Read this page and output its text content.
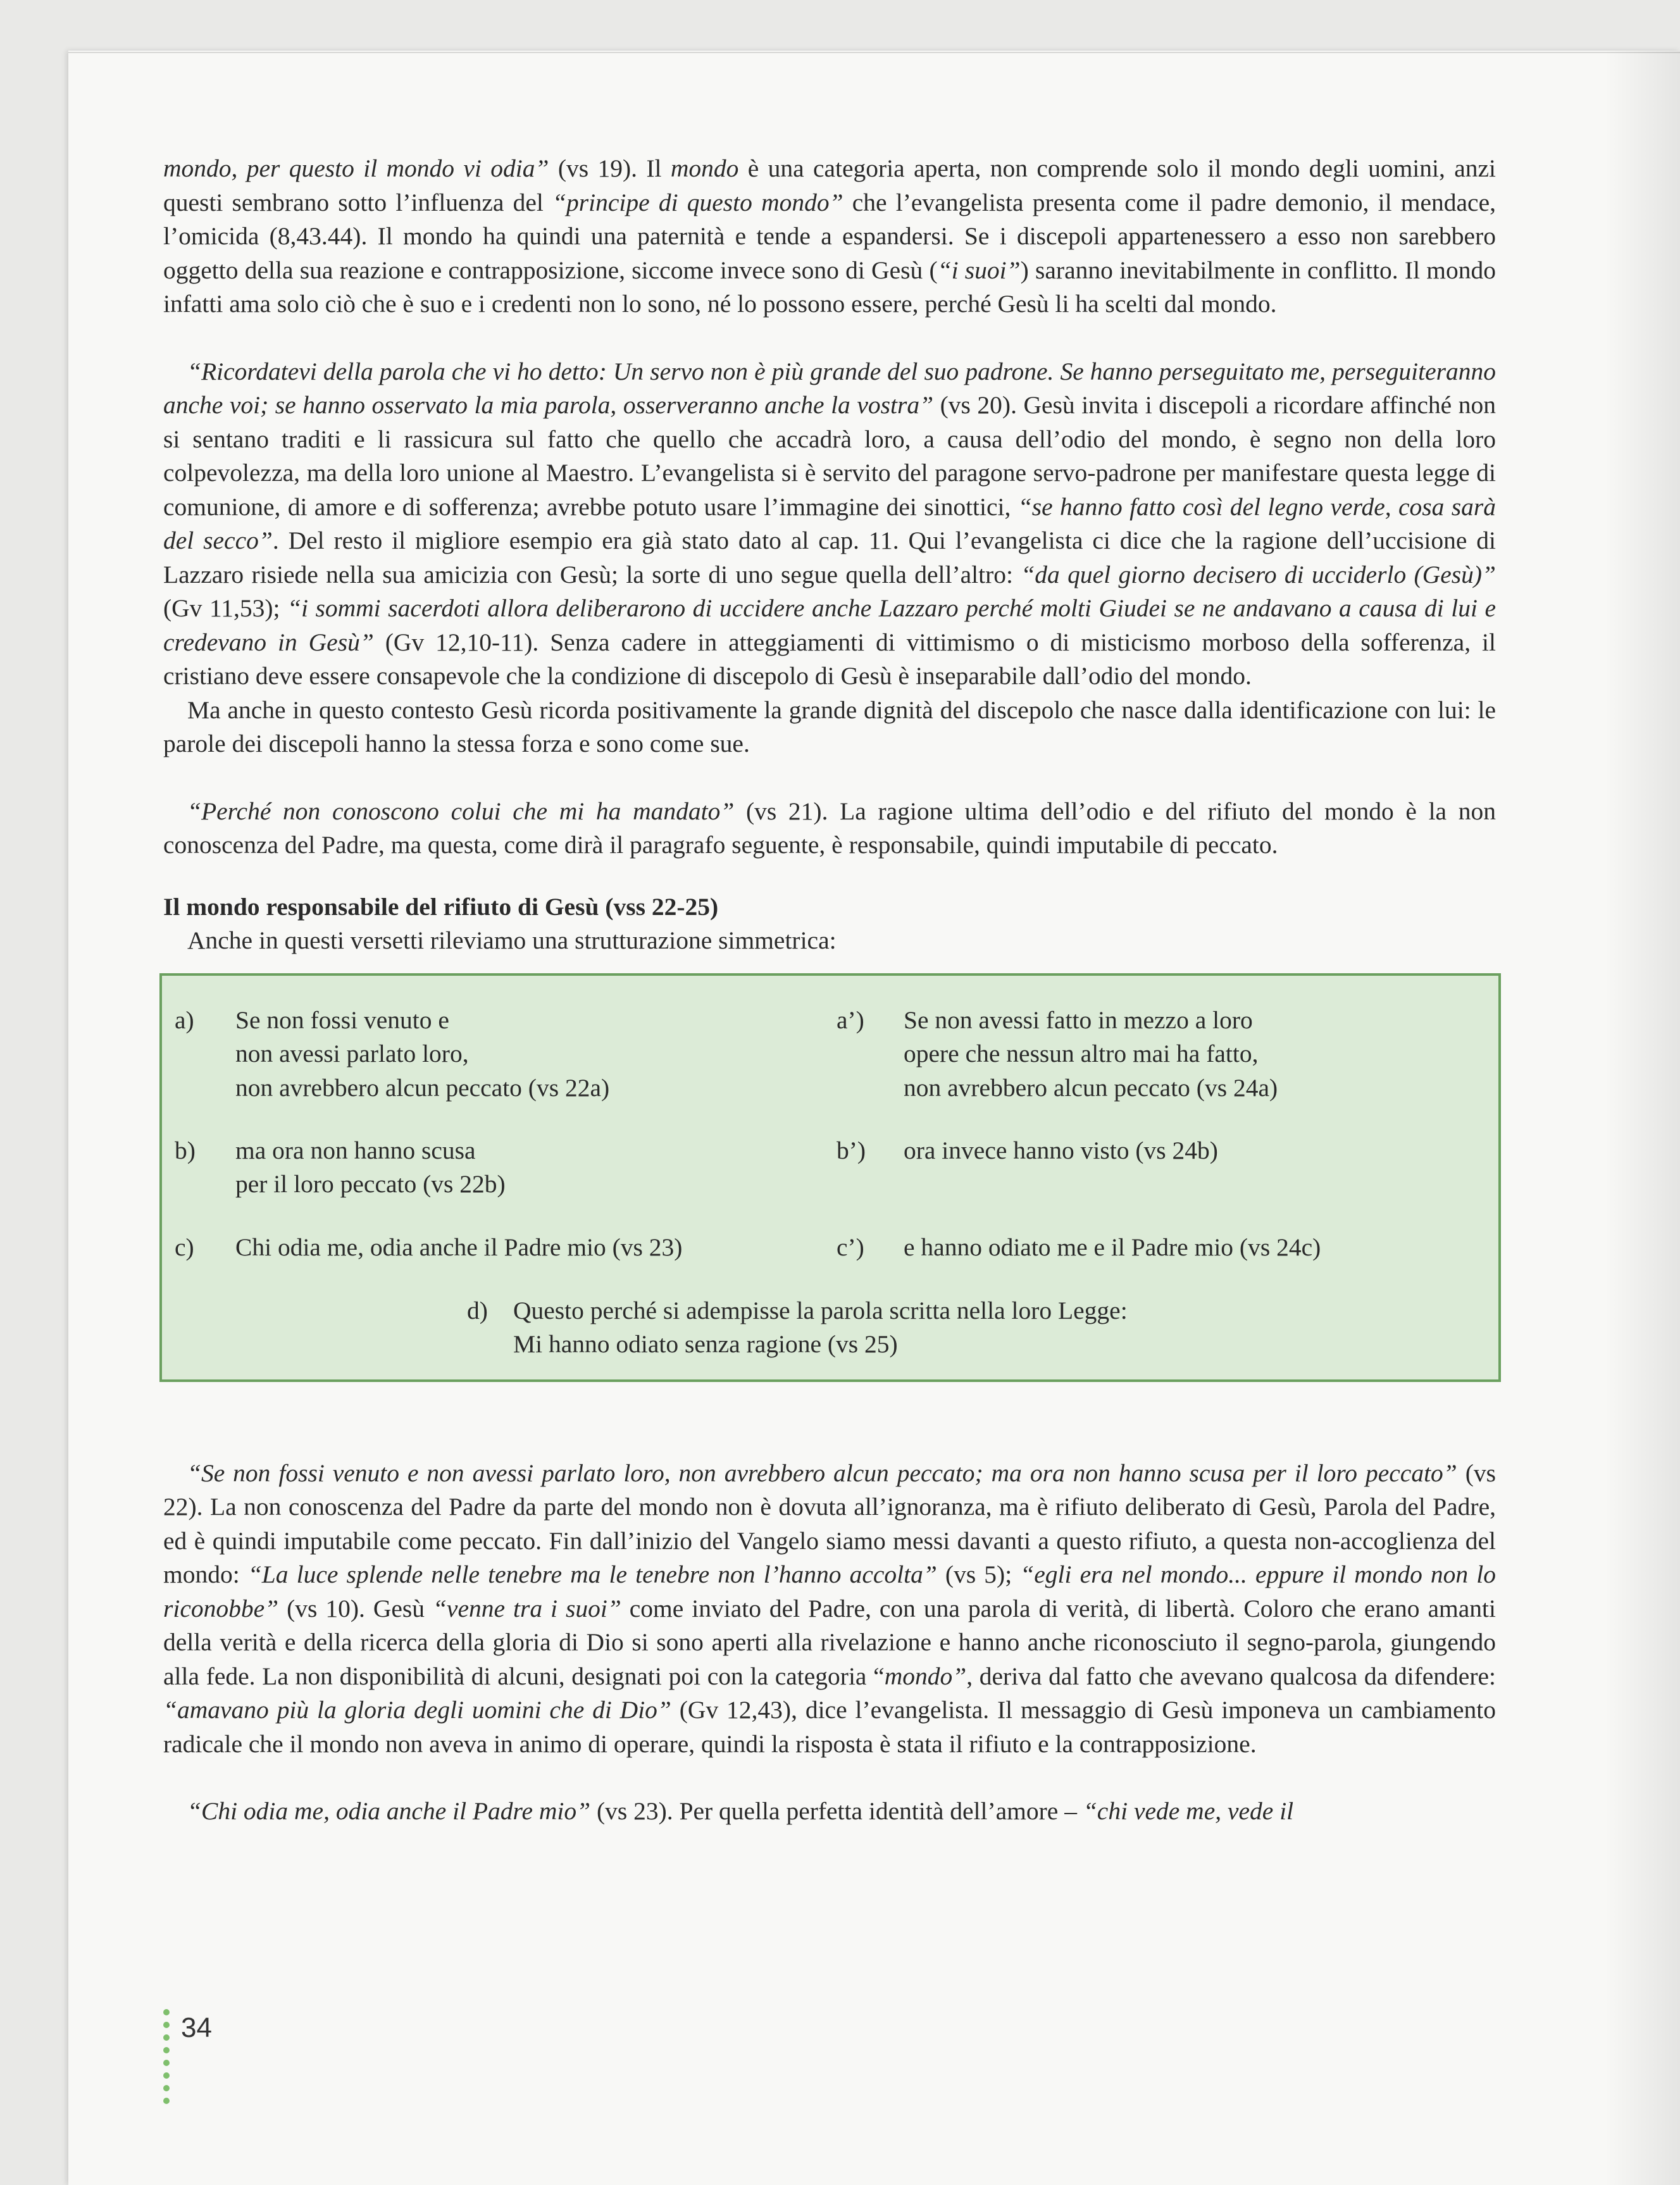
mondo, per questo il mondo vi odia” (vs 19). Il mondo è una categoria aperta, non comprende solo il mondo degli uomini, anzi questi sembrano sotto l’influenza del “principe di questo mondo” che l’evangelista presenta come il padre demonio, il mendace, l’omicida (8,43.44). Il mondo ha quindi una paternità e tende a espandersi. Se i discepoli appartenessero a esso non sarebbero oggetto della sua reazione e contrapposizione, siccome invece sono di Gesù (“i suoi”) saranno inevitabilmente in conflitto. Il mondo infatti ama solo ciò che è suo e i credenti non lo sono, né lo possono essere, perché Gesù li ha scelti dal mondo.

“Ricordatevi della parola che vi ho detto: Un servo non è più grande del suo padrone. Se hanno perseguitato me, perseguiteranno anche voi; se hanno osservato la mia parola, osserveranno anche la vostra” (vs 20). Gesù invita i discepoli a ricordare affinché non si sentano traditi e li rassicura sul fatto che quello che accadrà loro, a causa dell’odio del mondo, è segno non della loro colpevolezza, ma della loro unione al Maestro. L’evangelista si è servito del paragone servo-padrone per manifestare questa legge di comunione, di amore e di sofferenza; avrebbe potuto usare l’immagine dei sinottici, “se hanno fatto così del legno verde, cosa sarà del secco”. Del resto il migliore esempio era già stato dato al cap. 11. Qui l’evangelista ci dice che la ragione dell’uccisione di Lazzaro risiede nella sua amicizia con Gesù; la sorte di uno segue quella dell’altro: “da quel giorno decisero di ucciderlo (Gesù)” (Gv 11,53); “i sommi sacerdoti allora deliberarono di uccidere anche Lazzaro perché molti Giudei se ne andavano a causa di lui e credevano in Gesù” (Gv 12,10-11). Senza cadere in atteggiamenti di vittimismo o di misticismo morboso della sofferenza, il cristiano deve essere consapevole che la condizione di discepolo di Gesù è inseparabile dall’odio del mondo.

Ma anche in questo contesto Gesù ricorda positivamente la grande dignità del discepolo che nasce dalla identificazione con lui: le parole dei discepoli hanno la stessa forza e sono come sue.

“Perché non conoscono colui che mi ha mandato” (vs 21). La ragione ultima dell’odio e del rifiuto del mondo è la non conoscenza del Padre, ma questa, come dirà il paragrafo seguente, è responsabile, quindi imputabile di peccato.

Il mondo responsabile del rifiuto di Gesù (vss 22-25)

Anche in questi versetti rileviamo una strutturazione simmetrica:

a) Se non fossi venuto e
non avessi parlato loro,
non avrebbero alcun peccato (vs 22a)
a’) Se non avessi fatto in mezzo a loro
opere che nessun altro mai ha fatto,
non avrebbero alcun peccato (vs 24a)
b) ma ora non hanno scusa
per il loro peccato (vs 22b)
b’) ora invece hanno visto (vs 24b)
c) Chi odia me, odia anche il Padre mio (vs 23)	c’) e hanno odiato me e il Padre mio (vs 24c)
d) Questo perché si adempisse la parola scritta nella loro Legge:
Mi hanno odiato senza ragione (vs 25)

“Se non fossi venuto e non avessi parlato loro, non avrebbero alcun peccato; ma ora non hanno scusa per il loro peccato” (vs 22). La non conoscenza del Padre da parte del mondo non è dovuta all’ignoranza, ma è rifiuto deliberato di Gesù, Parola del Padre, ed è quindi imputabile come peccato. Fin dall’inizio del Vangelo siamo messi davanti a questo rifiuto, a questa non-accoglienza del mondo: “La luce splende nelle tenebre ma le tenebre non l’hanno accolta” (vs 5); “egli era nel mondo... eppure il mondo non lo riconobbe” (vs 10). Gesù “venne tra i suoi” come inviato del Padre, con una parola di verità, di libertà. Coloro che erano amanti della verità e della ricerca della gloria di Dio si sono aperti alla rivelazione e hanno anche riconosciuto il segno-parola, giungendo alla fede. La non disponibilità di alcuni, designati poi con la categoria “mondo”, deriva dal fatto che avevano qualcosa da difendere: “amavano più la gloria degli uomini che di Dio” (Gv 12,43), dice l’evangelista. Il messaggio di Gesù imponeva un cambiamento radicale che il mondo non aveva in animo di operare, quindi la risposta è stata il rifiuto e la contrapposizione.

“Chi odia me, odia anche il Padre mio” (vs 23). Per quella perfetta identità dell’amore – “chi vede me, vede il

34
